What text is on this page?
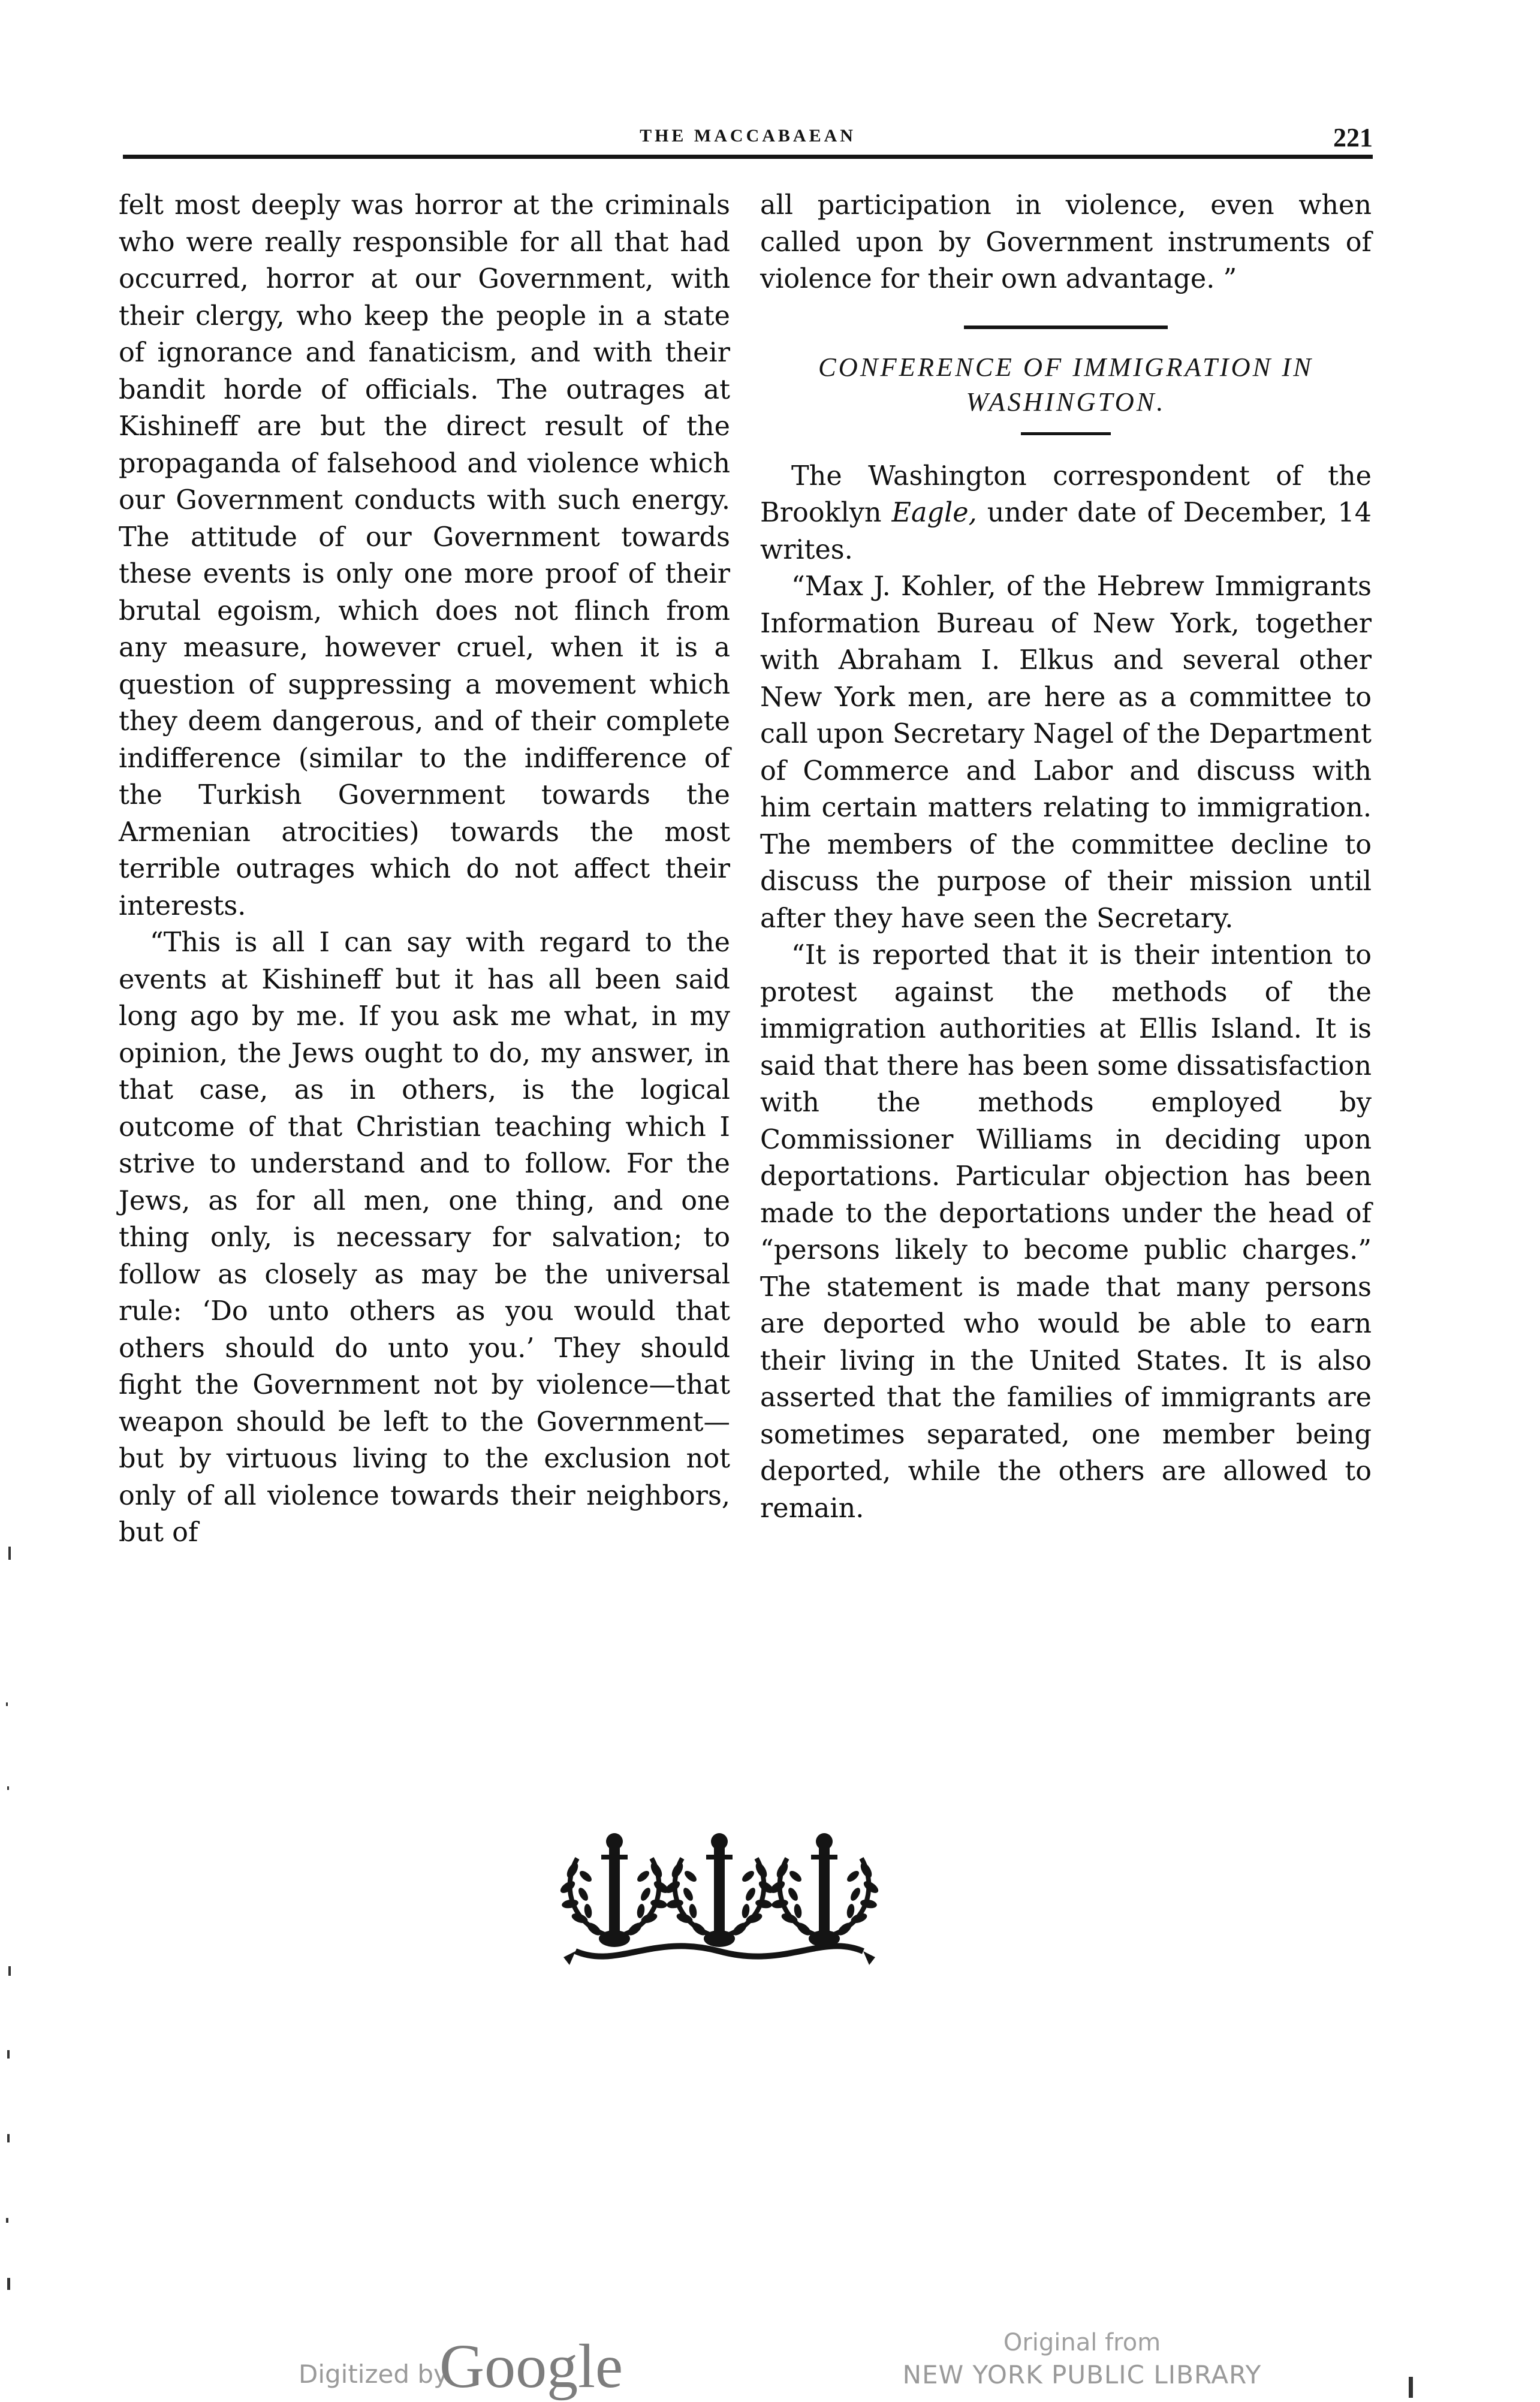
THE MACCABAEAN	221

felt most deeply was horror at the criminals who were really responsible for all that had occurred, horror at our Government, with their clergy, who keep the people in a state of ignorance and fanaticism, and with their bandit horde of officials. The outrages at Kishineff are but the direct result of the propaganda of falsehood and violence which our Government conducts with such energy. The attitude of our Government towards these events is only one more proof of their brutal egoism, which does not flinch from any measure, however cruel, when it is a question of suppressing a movement which they deem dangerous, and of their complete indifference (similar to the indifference of the Turkish Government towards the Armenian atrocities) towards the most terrible outrages which do not affect their interests.

“This is all I can say with regard to the events at Kishineff but it has all been said long ago by me. If you ask me what, in my opinion, the Jews ought to do, my answer, in that case, as in others, is the logical outcome of that Christian teaching which I strive to understand and to follow. For the Jews, as for all men, one thing, and one thing only, is necessary for salvation; to follow as closely as may be the universal rule: ‘Do unto others as you would that others should do unto you.’ They should fight the Government not by violence—that weapon should be left to the Government—but by virtuous living to the exclusion not only of all violence towards their neighbors, but of

all participation in violence, even when called upon by Government instruments of violence for their own advantage. ”

CONFERENCE OF IMMIGRATION IN

WASHINGTON.

The Washington correspondent of the Brooklyn Eagle, under date of December, 14 writes.

“Max J. Kohler, of the Hebrew Immigrants Information Bureau of New York, together with Abraham I. Elkus and several other New York men, are here as a committee to call upon Secretary Nagel of the Department of Commerce and Labor and discuss with him certain matters relating to immigration. The members of the committee decline to discuss the purpose of their mission until after they have seen the Secretary.

“It is reported that it is their intention to protest against the methods of the immigration authorities at Ellis Island. It is said that there has been some dissatisfaction with the methods employed by Commissioner Williams in deciding upon deportations. Particular objection has been made to the deportations under the head of “persons likely to become public charges.” The statement is made that many persons are deported who would be able to earn their living in the United States. It is also asserted that the families of immigrants are sometimes separated, one member being deported, while the others are allowed to remain.

Digitized by
Google	Original from
NEW YORK PUBLIC LIBRARY
